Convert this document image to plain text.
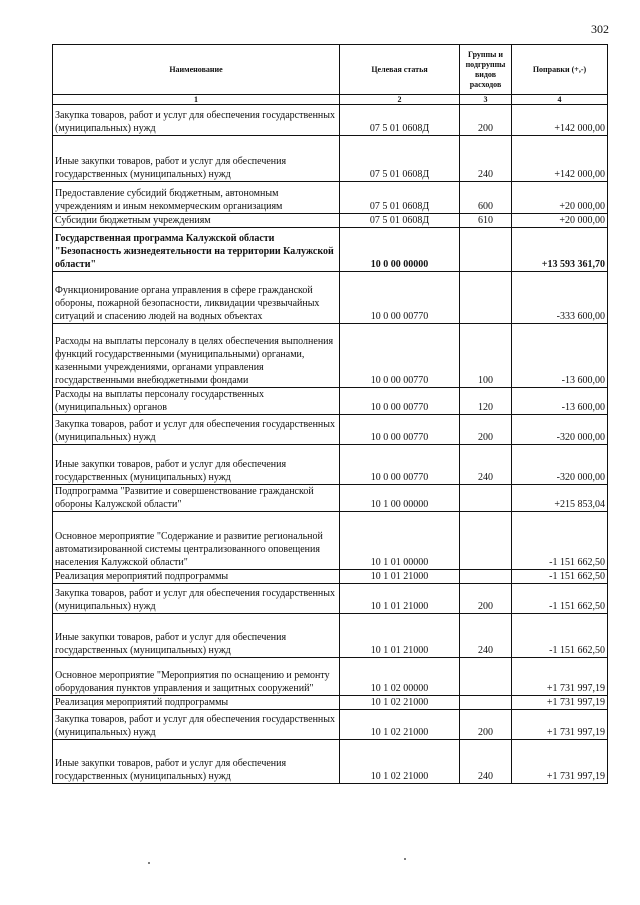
302
Наименование	Целевая статья	Группы и подгруппы видов расходов	Поправки (+,-)
1	2	3	4
Закупка товаров, работ и услуг для обеспечения государственных (муниципальных) нужд	07 5 01 0608Д	200	+142 000,00
Иные закупки товаров, работ и услуг для обеспечения государственных (муниципальных) нужд	07 5 01 0608Д	240	+142 000,00
Предоставление субсидий бюджетным, автономным учреждениям и иным некоммерческим организациям	07 5 01 0608Д	600	+20 000,00
Субсидии бюджетным учреждениям	07 5 01 0608Д	610	+20 000,00
Государственная программа Калужской области "Безопасность жизнедеятельности на территории Калужской области"	10 0 00 00000		+13 593 361,70
Функционирование органа управления в сфере гражданской обороны, пожарной безопасности, ликвидации чрезвычайных ситуаций и спасению людей на водных объектах	10 0 00 00770		-333 600,00
Расходы на выплаты персоналу в целях обеспечения выполнения функций государственными (муниципальными) органами, казенными учреждениями, органами управления государственными внебюджетными фондами	10 0 00 00770	100	-13 600,00
Расходы на выплаты персоналу государственных (муниципальных) органов	10 0 00 00770	120	-13 600,00
Закупка товаров, работ и услуг для обеспечения государственных (муниципальных) нужд	10 0 00 00770	200	-320 000,00
Иные закупки товаров, работ и услуг для обеспечения государственных (муниципальных) нужд	10 0 00 00770	240	-320 000,00
Подпрограмма "Развитие и совершенствование гражданской обороны Калужской области"	10 1 00 00000		+215 853,04
Основное мероприятие "Содержание и развитие региональной автоматизированной системы централизованного оповещения населения Калужской области"	10 1 01 00000		-1 151 662,50
Реализация мероприятий подпрограммы	10 1 01 21000		-1 151 662,50
Закупка товаров, работ и услуг для обеспечения государственных (муниципальных) нужд	10 1 01 21000	200	-1 151 662,50
Иные закупки товаров, работ и услуг для обеспечения государственных (муниципальных) нужд	10 1 01 21000	240	-1 151 662,50
Основное мероприятие "Мероприятия по оснащению и ремонту оборудования пунктов управления и защитных сооружений"	10 1 02 00000		+1 731 997,19
Реализация мероприятий подпрограммы	10 1 02 21000		+1 731 997,19
Закупка товаров, работ и услуг для обеспечения государственных (муниципальных) нужд	10 1 02 21000	200	+1 731 997,19
Иные закупки товаров, работ и услуг для обеспечения государственных (муниципальных) нужд	10 1 02 21000	240	+1 731 997,19
